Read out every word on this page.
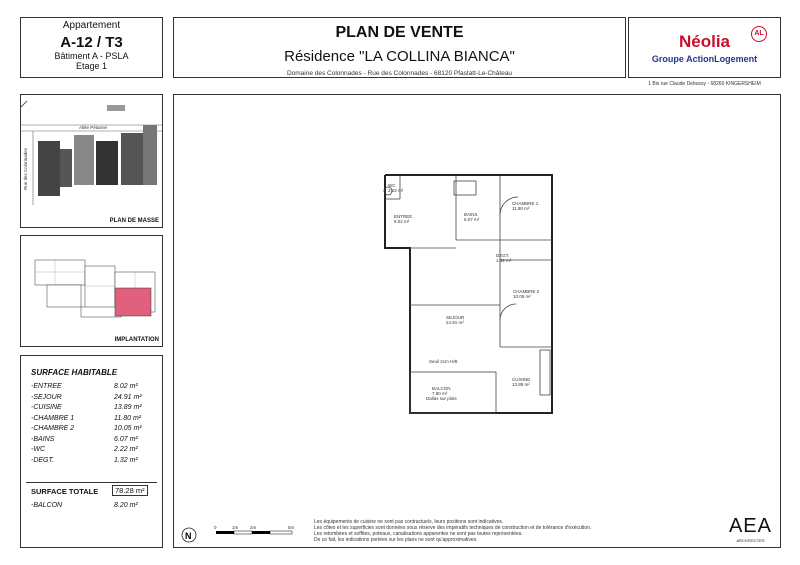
Appartement
A-12 / T3
Bâtiment A - PSLA
Etage 1
PLAN DE VENTE
Résidence "LA COLLINA BIANCA"
Domaine des Colonnades - Rue des Colonnades - 68120 Pfastatt-Le-Château
Néolia	AL
Groupe ActionLogement
1 Bis rue Claude Debussy - 68260 KINGERSHEIM
Allée Pétanne
Rue des Colonnades
PLAN DE MASSE
IMPLANTATION
SURFACE HABITABLE
-ENTREE	8.02 m²
-SEJOUR	24.91 m²
-CUISINE	13.89 m²
-CHAMBRE 1	11.80 m²
-CHAMBRE 2	10.05 m²
-BAINS	6.07 m²
-WC	2.22 m²
-DEGT.	1.32 m²
SURFACE TOTALE	78.28 m²
-BALCON	8.20 m²
WC 2.22 m²
ENTREE 8.02 m²
BAINS 6.07 m²
CHAMBRE 1 11.80 m²
DEGT. 1.32 m²
CHAMBRE 2 10.05 m²
SEJOUR 24.91 m²
CUISINE 13.89 m²
BALCON 7.80 m²
Dallas sur plots
Seuil 2cm H/B
N
0	1m	2m	5m
Les équipements de cuisine ne sont pas contractuels, leurs positions sont indicatives.
Les côtes et les superficies sont données sous réserve des impératifs techniques de construction et de tolérance d'exécution.
Les retombées et soffites, poteaux, canalisations apparentes ne sont pas toutes représentées.
De ce fait, les indications portées sur les plans ne sont qu'approximatives.
AEA
ARCHITECTES
